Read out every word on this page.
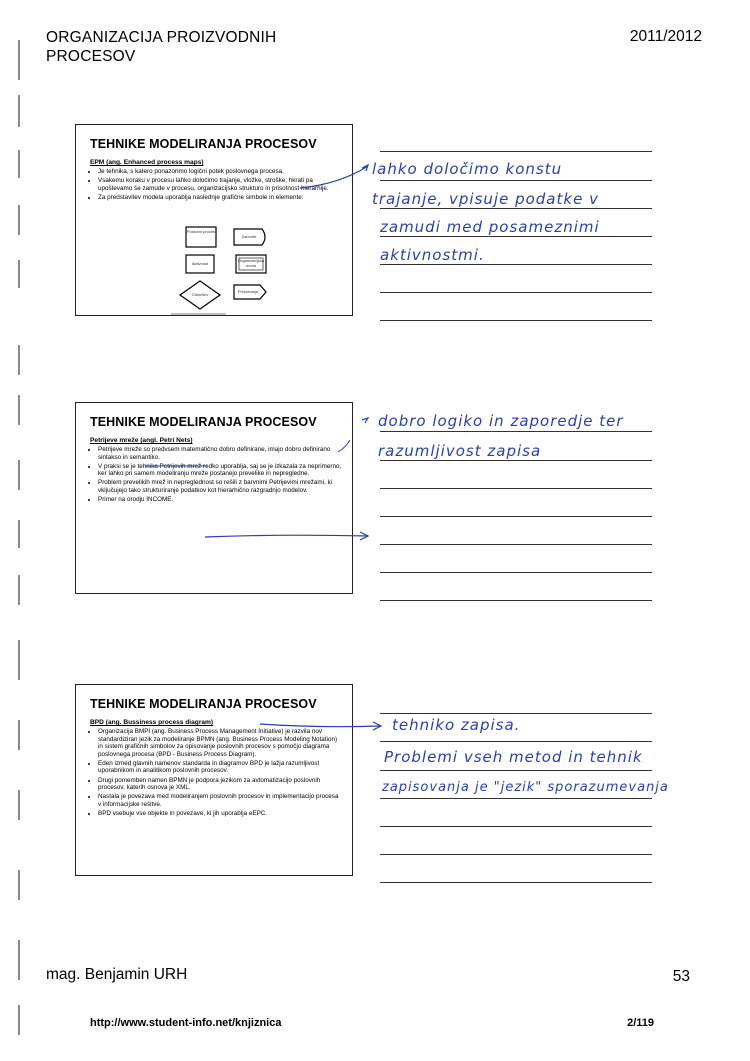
ORGANIZACIJA PROIZVODNIH
PROCESOV
2011/2012
TEHNIKE MODELIRANJA PROCESOV
EPM (ang. Enhanced process maps)
• Je tehnika, s katero ponazorimo logični potek poslovnega procesa.
• Vsakemu koraku v procesu lahko določimo trajanje, vložke, stroške, hkrati pa upoštevamo še zamude v procesu, organizacijsko strukturo in prisotnost hierarhije.
• Za predstavitev modela uporablja naslednje grafične simbole in elemente:
Poslovni proces
Zamude
Aktivnost
Organizacijska enota
Odločitev
Prepletanje
TEHNIKE MODELIRANJA PROCESOV
Petrijeve mreže (angl. Petri Nets)
• Petrijeve mreže so predvsem matematično dobro definirane, imajo dobro definirano sintakso in semantiko.
• V praksi se je tehnika Petrijevih mrež redko uporablja, saj se je izkazala za neprimerno, ker lahko pri samem modeliranju mreže postanejo prevelike in nepregledne.
• Problem prevelikih mrež in nepreglednost so rešili z barvnimi Petrijevimi mrežami, ki vključujejo tako strukturiranje podatkov kot hierarhično razgradnjo modelov.
• Primer na orodju INCOME.
TEHNIKE MODELIRANJA PROCESOV
BPD (ang. Bussiness process diagram)
• Organizacija BMPI (ang. Business Process Management Initiative) je razvila nov standardiziran jezik za modeliranje BPMN (ang. Business Process Modeling Notation) in sistem grafičnih simbolov za opisovanje poslovnih procesov s pomočjo diagrama poslovnega procesa (BPD - Business Process Diagram).
• Eden izmed glavnih namenov standarda in diagramov BPD je lažja razumljivost uporabnikom in analitikom poslovnih procesov.
• Drugi pomemben namen BPMN je podpora jezikom za avtomatizacijo poslovnih procesov, katerih osnova je XML.
• Nastala je povezava med modeliranjem poslovnih procesov in implementacijo procesa v informacijske rešitve.
• BPD vsebuje vse objekte in povezave, ki jih uporablja eEPC.
lahko določimo konstu
trajanje, vpisuje podatke v
zamudi med posameznimi
aktivnostmi.
dobro logiko in zaporedje ter
razumljivost zapisa
tehniko zapisa.
Problemi vseh metod in tehnik
zapisovanja je "jezik" sporazumevanja
mag. Benjamin URH	53
http://www.student-info.net/knjiznica	2/119
